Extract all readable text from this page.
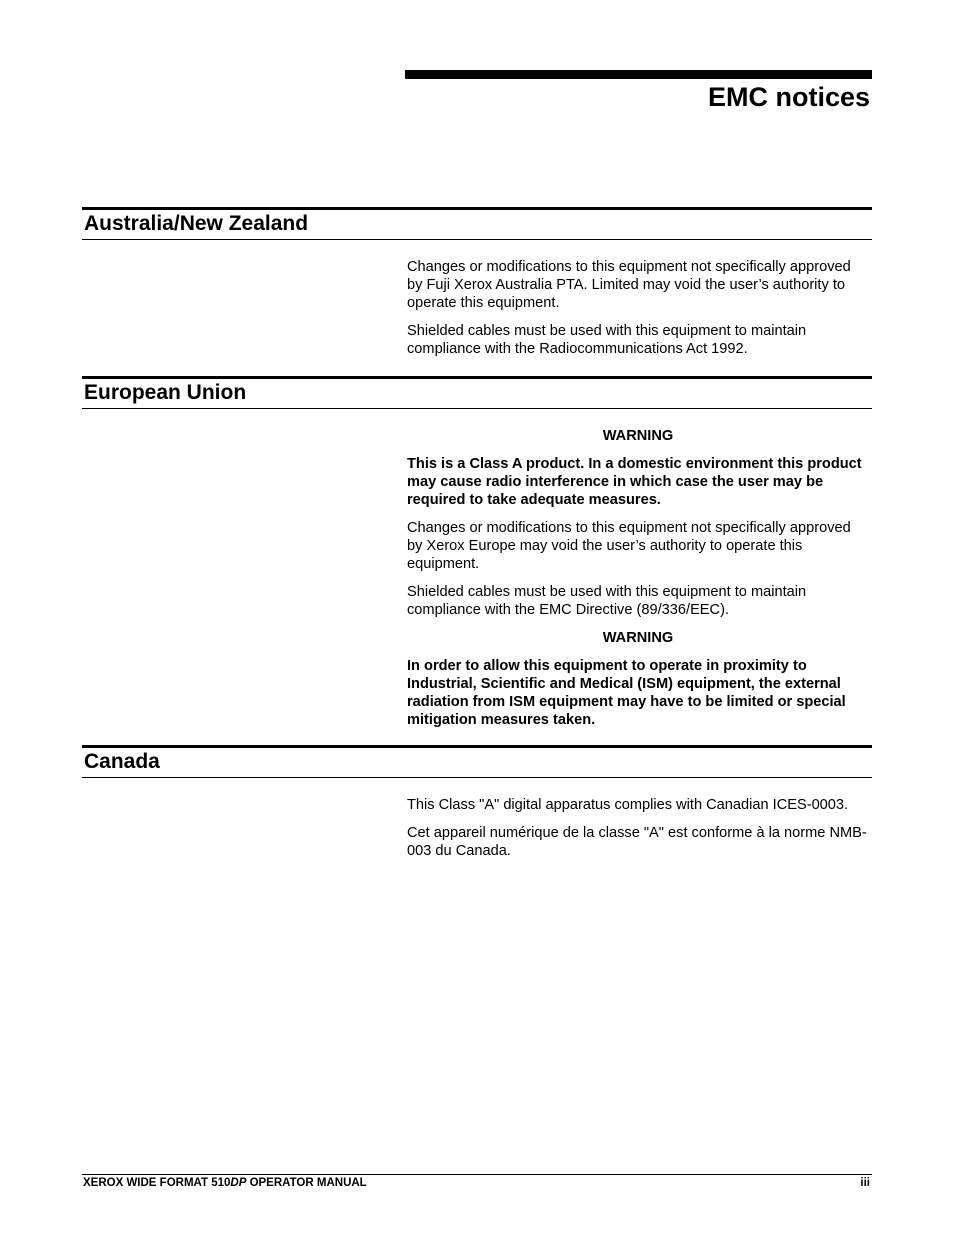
EMC notices
Australia/New Zealand

Changes or modifications to this equipment not specifically approved by Fuji Xerox Australia PTA. Limited may void the user’s authority to operate this equipment.

Shielded cables must be used with this equipment to maintain compliance with the Radiocommunications Act 1992.

European Union

WARNING

This is a Class A product. In a domestic environment this product may cause radio interference in which case the user may be required to take adequate measures.

Changes or modifications to this equipment not specifically approved by Xerox Europe may void the user’s authority to operate this equipment.

Shielded cables must be used with this equipment to maintain compliance with the EMC Directive (89/336/EEC).

WARNING

In order to allow this equipment to operate in proximity to Industrial, Scientific and Medical (ISM) equipment, the external radiation from ISM equipment may have to be limited or special mitigation measures taken.

Canada

This Class "A" digital apparatus complies with Canadian ICES-0003.

Cet appareil numérique de la classe "A" est conforme à la norme NMB-003 du Canada.

XEROX WIDE FORMAT 510DP OPERATOR MANUAL	iii
